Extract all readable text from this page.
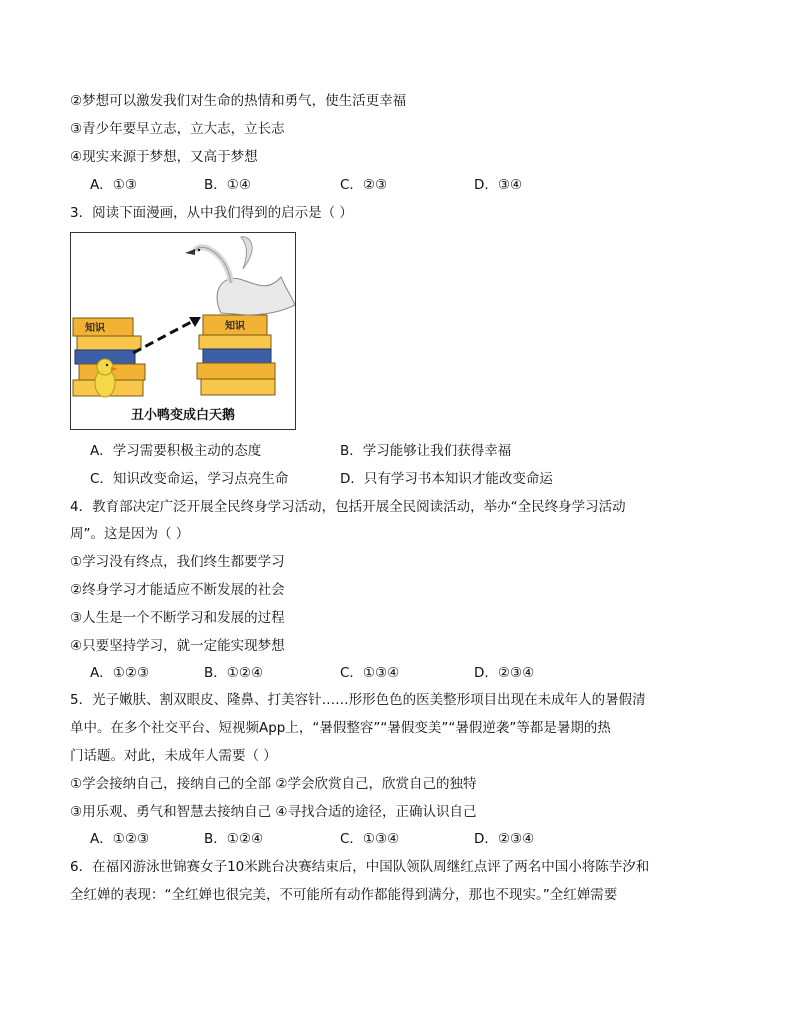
②梦想可以激发我们对生命的热情和勇气，使生活更幸福
③青少年要早立志，立大志，立长志
④现实来源于梦想，又高于梦想
A．①③	B．①④	C．②③	D．③④
3．阅读下面漫画，从中我们得到的启示是（ ）
知识	知识
丑小鸭变成白天鹅
A．学习需要积极主动的态度	B．学习能够让我们获得幸福
C．知识改变命运，学习点亮生命	D．只有学习书本知识才能改变命运
4．教育部决定广泛开展全民终身学习活动，包括开展全民阅读活动，举办“全民终身学习活动
周”。这是因为（ ）
①学习没有终点，我们终生都要学习
②终身学习才能适应不断发展的社会
③人生是一个不断学习和发展的过程
④只要坚持学习，就一定能实现梦想
A．①②③	B．①②④	C．①③④	D．②③④
5．光子嫩肤、割双眼皮、隆鼻、打美容针……形形色色的医美整形项目出现在未成年人的暑假清
单中。在多个社交平台、短视频App上，“暑假整容”“暑假变美”“暑假逆袭”等都是暑期的热
门话题。对此，未成年人需要（ ）
①学会接纳自己，接纳自己的全部 ②学会欣赏自己，欣赏自己的独特
③用乐观、勇气和智慧去接纳自己 ④寻找合适的途径，正确认识自己
A．①②③	B．①②④	C．①③④	D．②③④
6．在福冈游泳世锦赛女子10米跳台决赛结束后，中国队领队周继红点评了两名中国小将陈芋汐和
全红婵的表现：“全红婵也很完美，不可能所有动作都能得到满分，那也不现实。”全红婵需要
